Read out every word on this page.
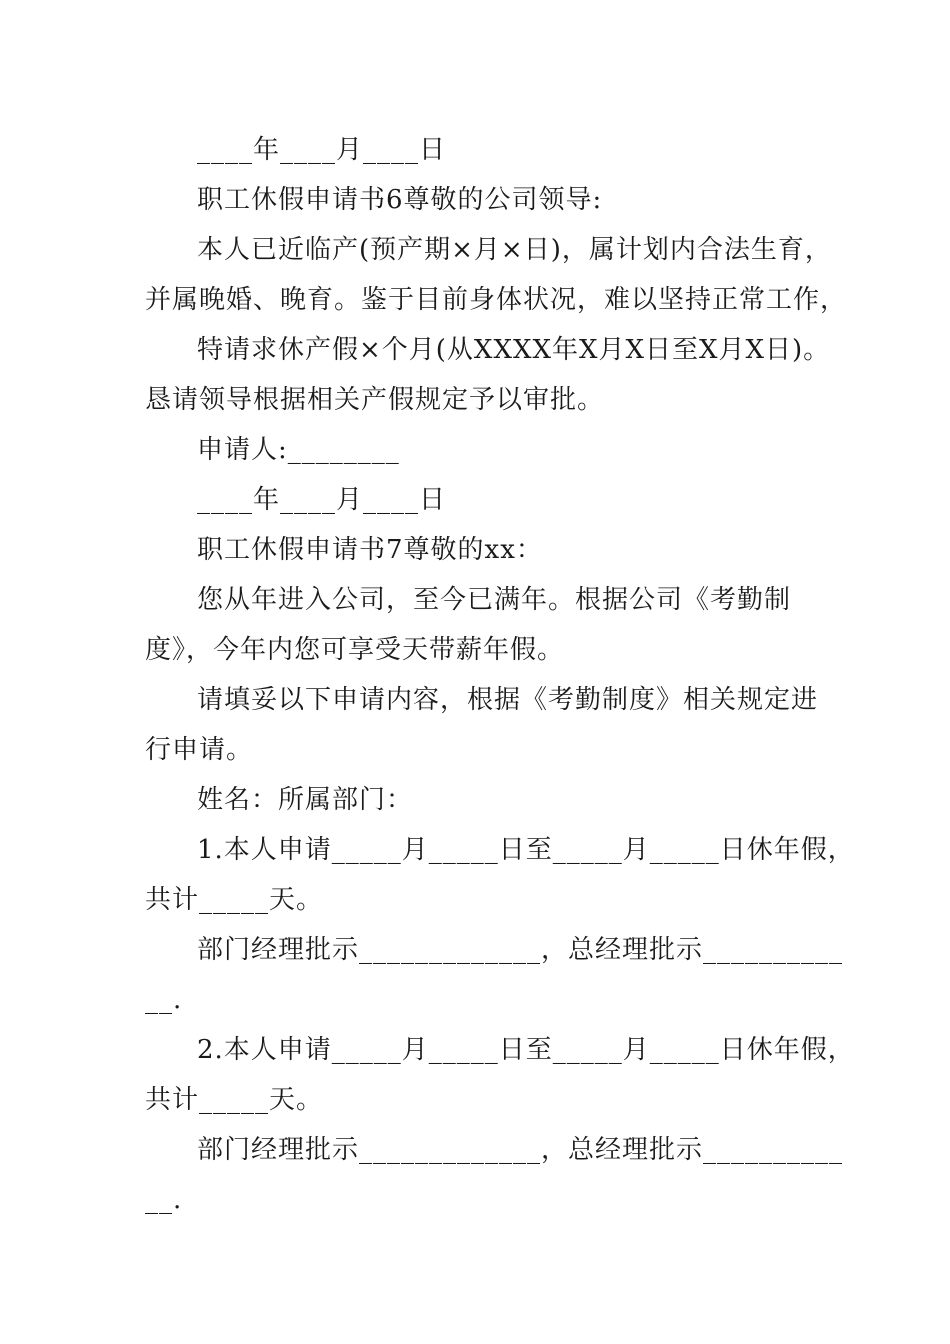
____年____月____日
职工休假申请书6尊敬的公司领导:
本人已近临产(预产期×月×日)，属计划内合法生育，
并属晚婚、晚育。鉴于目前身体状况，难以坚持正常工作，
特请求休产假×个月(从XXXX年X月X日至X月X日)。
恳请领导根据相关产假规定予以审批。
申请人:________
____年____月____日
职工休假申请书7尊敬的xx：
您从年进入公司，至今已满年。根据公司《考勤制
度》，今年内您可享受天带薪年假。
请填妥以下申请内容，根据《考勤制度》相关规定进
行申请。
姓名：所属部门：
1.本人申请_____月_____日至_____月_____日休年假，
共计_____天。
部门经理批示_____________，总经理批示__________
__.
2.本人申请_____月_____日至_____月_____日休年假，
共计_____天。
部门经理批示_____________，总经理批示__________
__.
